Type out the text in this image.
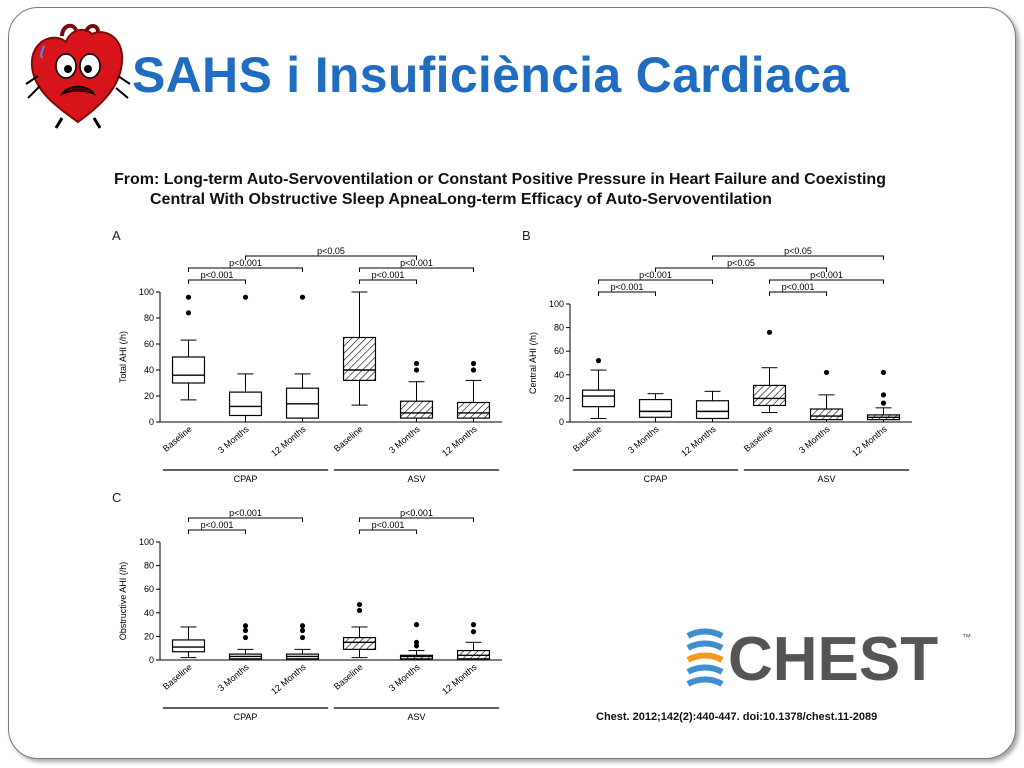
SAHS i Insuficiència Cardiaca
From: Long-term Auto-Servoventilation or Constant Positive Pressure in Heart Failure and Coexisting
Central With Obstructive Sleep ApneaLong-term Efficacy of Auto-Servoventilation
A
0
20
40
60
80
100
Total AHI (/h)
Baseline 3 Months 12 Months	Baseline 3 Months 12 Months
CPAP	ASV
p<0.001	p<0.001
p<0.001	p<0.001
p<0.05
B
0
20
40
60
80
100
Central AHI (/h)
Baseline 3 Months 12 Months	Baseline 3 Months 12 Months
CPAP	ASV
p<0.001	p<0.001
p<0.001	p<0.001
p<0.05
p<0.05
C
0
20
40
60
80
100
Obstructive AHI (/h)
Baseline 3 Months 12 Months	Baseline 3 Months 12 Months
CPAP	ASV
p<0.001	p<0.001
p<0.001	p<0.001
CHEST	™
Chest. 2012;142(2):440-447. doi:10.1378/chest.11-2089
